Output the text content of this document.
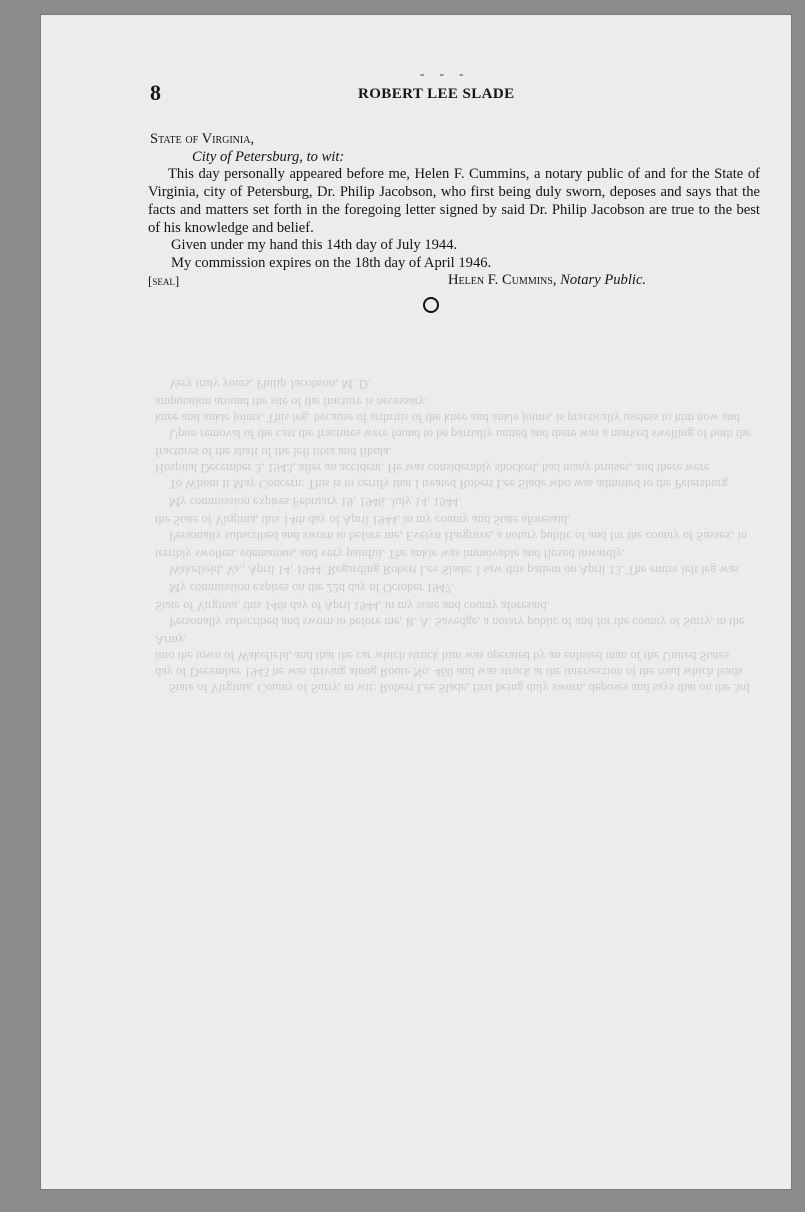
State of Virginia, County of Surry, to wit: Robert Lee Slade, first being duly sworn, deposes and says that on the 3rd day of December 1943 he was driving along Route No. 460 and was struck at the intersection of the road which leads into the town of Wakefield, and that the car which struck him was operated by an enlisted man of the United States Army.

Personally subscribed and sworn to before me, R. A. Savedge, a notary public of and for the county of Surry, in the State of Virginia, this 14th day of April 1944, in my state and county aforesaid.

My commission expires on the 22d day of October 1947.

Wakefield, Va., April 14, 1944. Regarding Robert Lee Slade: I saw this patient on April 13. The entire left leg was terribly swollen, edematous, and very painful. The ankle was immovable and flexed inwardly.

Personally subscribed and sworn to before me, Evelyn Hargrave, a notary public of and for the county of Sussex, in the State of Virginia, this 14th day of April 1944, in my county and State aforesaid.

My commission expires February 19, 1946. July 14, 1944.

To Whom It May Concern: This is to certify that I treated Robert Lee Slade who was admitted to the Petersburg Hospital December 3, 1943, after an accident. He was considerably shocked, had many bruises, and there were fractures of the shaft of the left tibia and fibula.

Upon removal of the cast the fractures were found to be partially united and there was a marked swelling of both the knee and ankle joints. This leg, because of arthritis of the knee and ankle joints, is practically useless to him now and amputation around the site of the fracture is necessary.

Very truly yours, Philip Jacobson, M. D.

8
- - -
ROBERT LEE SLADE
State of Virginia,
City of Petersburg, to wit:
This day personally appeared before me, Helen F. Cummins, a notary public of and for the State of Virginia, city of Petersburg, Dr. Philip Jacobson, who first being duly sworn, deposes and says that the facts and matters set forth in the foregoing letter signed by said Dr. Philip Jacobson are true to the best of his knowledge and belief.
Given under my hand this 14th day of July 1944.
My commission expires on the 18th day of April 1946.
[seal]	Helen F. Cummins, Notary Public.
